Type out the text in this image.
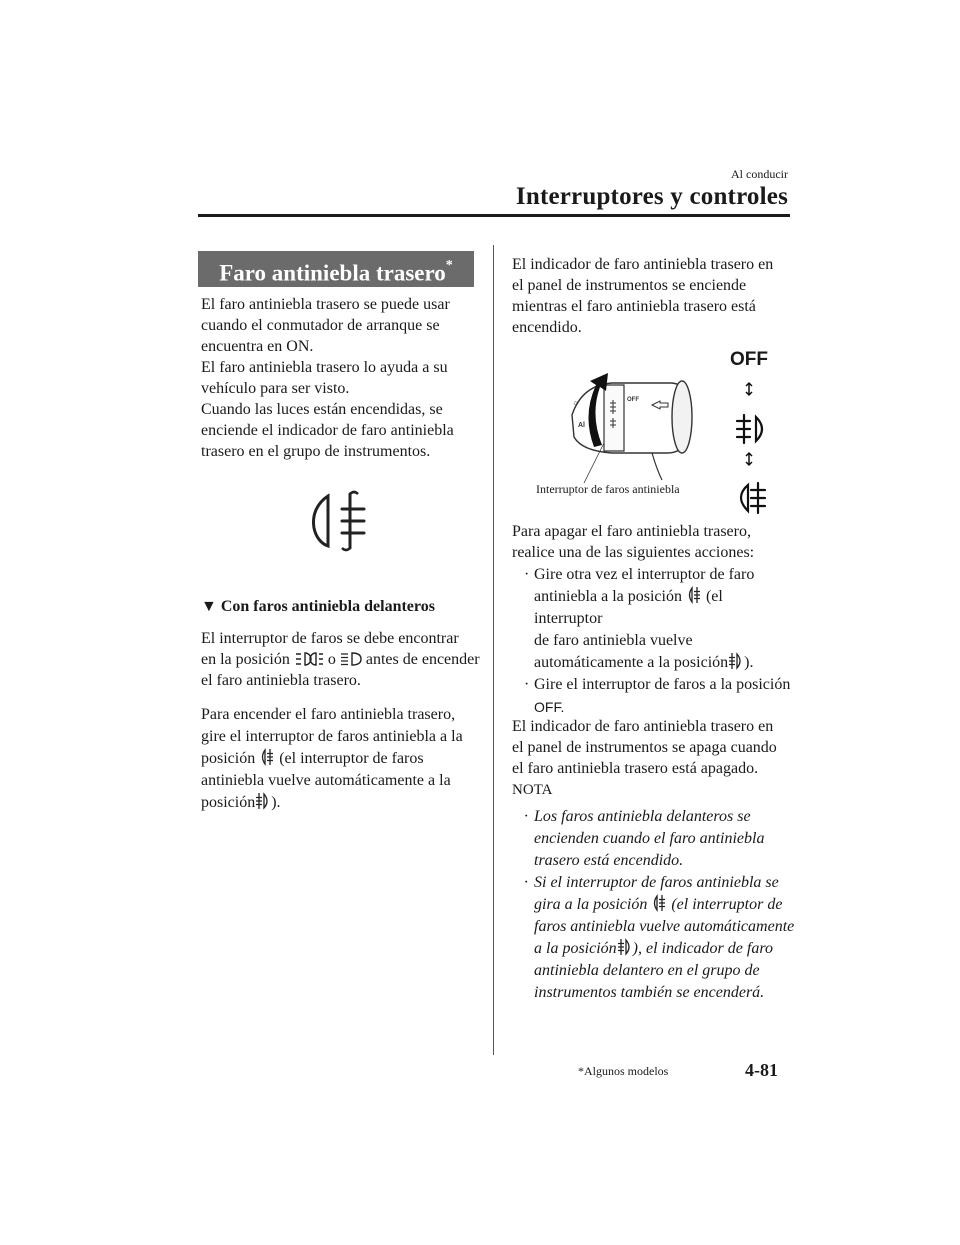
Al conducir
Interruptores y controles
Faro antiniebla trasero*
El faro antiniebla trasero se puede usar
cuando el conmutador de arranque se
encuentra en ON.
El faro antiniebla trasero lo ayuda a su
vehículo para ser visto.
Cuando las luces están encendidas, se
enciende el indicador de faro antiniebla
trasero en el grupo de instrumentos.
▼ Con faros antiniebla delanteros
El interruptor de faros se debe encontrar
en la posición o antes de encender
el faro antiniebla trasero.
Para encender el faro antiniebla trasero,
gire el interruptor de faros antiniebla a la
posición (el interruptor de faros
antiniebla vuelve automáticamente a la
posición ).
El indicador de faro antiniebla trasero en
el panel de instrumentos se enciende
mientras el faro antiniebla trasero está
encendido.
☼
Al
OFF
OFF
Interruptor de faros antiniebla
Para apagar el faro antiniebla trasero,
realice una de las siguientes acciones:
· Gire otra vez el interruptor de faro
antiniebla a la posición (el interruptor
de faro antiniebla vuelve
automáticamente a la posición ).
· Gire el interruptor de faros a la posición
OFF.
El indicador de faro antiniebla trasero en
el panel de instrumentos se apaga cuando
el faro antiniebla trasero está apagado.
NOTA
· Los faros antiniebla delanteros se
encienden cuando el faro antiniebla
trasero está encendido.
· Si el interruptor de faros antiniebla se
gira a la posición (el interruptor de
faros antiniebla vuelve automáticamente
a la posición ), el indicador de faro
antiniebla delantero en el grupo de
instrumentos también se encenderá.
*Algunos modelos	4-81
